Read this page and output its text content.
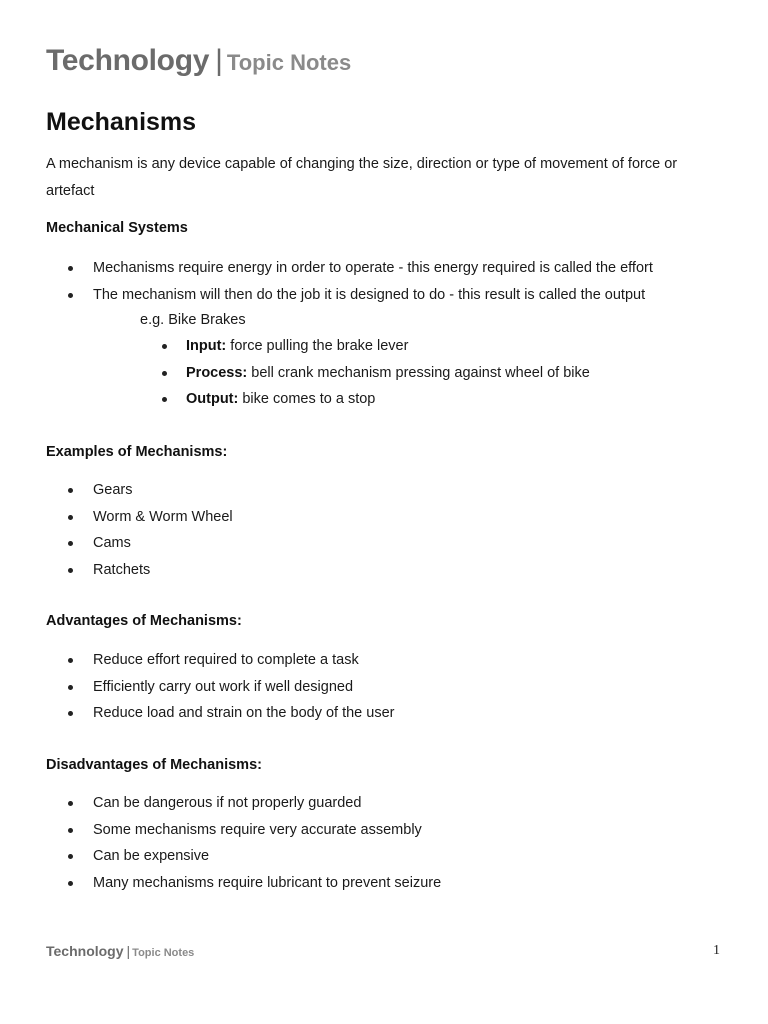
Technology | Topic Notes
Mechanisms

A mechanism is any device capable of changing the size, direction or type of movement of force or artefact

Mechanical Systems

Mechanisms require energy in order to operate - this energy required is called the effort
The mechanism will then do the job it is designed to do - this result is called the output
e.g. Bike Brakes
Input: force pulling the brake lever
Process: bell crank mechanism pressing against wheel of bike
Output: bike comes to a stop

Examples of Mechanisms:

Gears
Worm & Worm Wheel
Cams
Ratchets

Advantages of Mechanisms:

Reduce effort required to complete a task
Efficiently carry out work if well designed
Reduce load and strain on the body of the user

Disadvantages of Mechanisms:

Can be dangerous if not properly guarded
Some mechanisms require very accurate assembly
Can be expensive
Many mechanisms require lubricant to prevent seizure
Technology | Topic Notes	1
